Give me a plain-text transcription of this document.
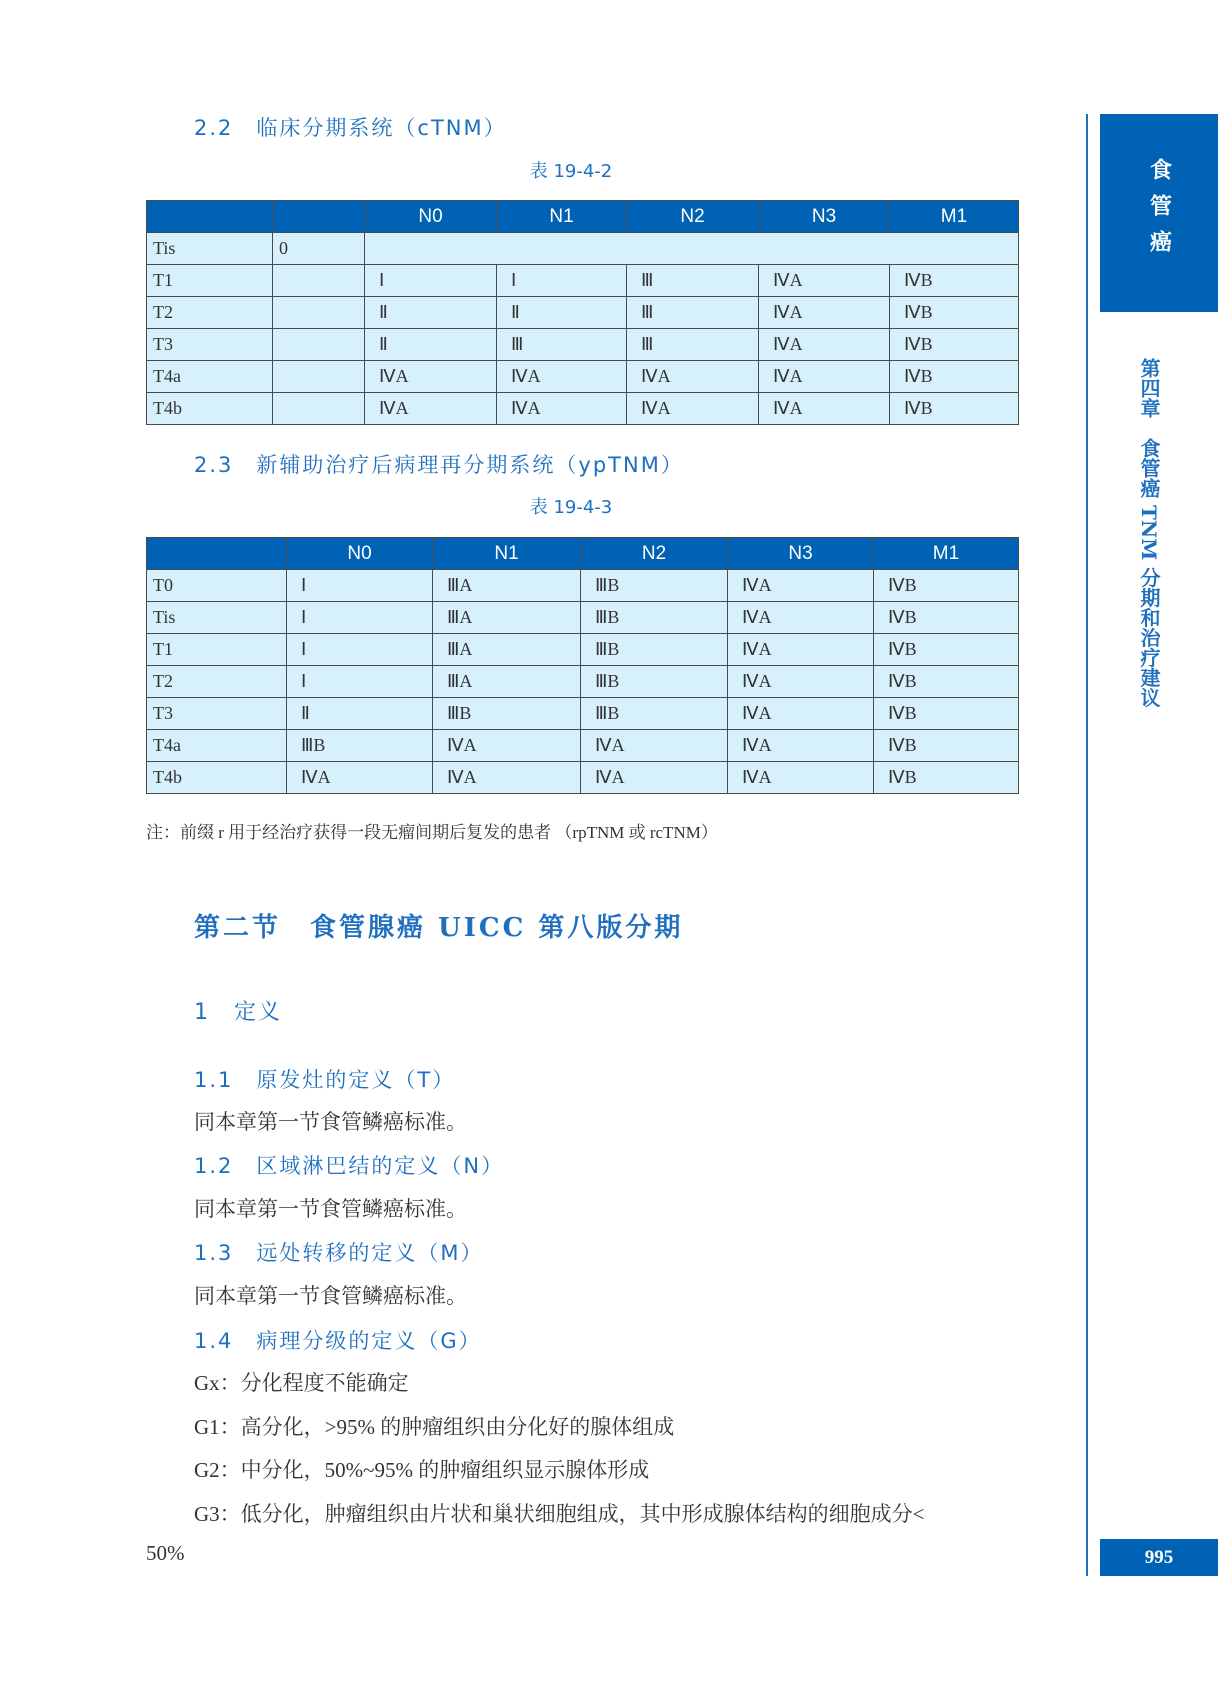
2.2　临床分期系统（cTNM）
表 19-4-2
		N0	N1	N2	N3	M1
Tis	0					
T1		Ⅰ	Ⅰ	Ⅲ	ⅣA	ⅣB
T2		Ⅱ	Ⅱ	Ⅲ	ⅣA	ⅣB
T3		Ⅱ	Ⅲ	Ⅲ	ⅣA	ⅣB
T4a		ⅣA	ⅣA	ⅣA	ⅣA	ⅣB
T4b		ⅣA	ⅣA	ⅣA	ⅣA	ⅣB
2.3　新辅助治疗后病理再分期系统（ypTNM）
表 19-4-3
	N0	N1	N2	N3	M1
T0	Ⅰ	ⅢA	ⅢB	ⅣA	ⅣB
Tis	Ⅰ	ⅢA	ⅢB	ⅣA	ⅣB
T1	Ⅰ	ⅢA	ⅢB	ⅣA	ⅣB
T2	Ⅰ	ⅢA	ⅢB	ⅣA	ⅣB
T3	Ⅱ	ⅢB	ⅢB	ⅣA	ⅣB
T4a	ⅢB	ⅣA	ⅣA	ⅣA	ⅣB
T4b	ⅣA	ⅣA	ⅣA	ⅣA	ⅣB
注：前缀 r 用于经治疗获得一段无瘤间期后复发的患者 （rpTNM 或 rcTNM）
第二节　食管腺癌 UICC 第八版分期
1　定义
1.1　原发灶的定义（T）
同本章第一节食管鳞癌标准。
1.2　区域淋巴结的定义（N）
同本章第一节食管鳞癌标准。
1.3　远处转移的定义（M）
同本章第一节食管鳞癌标准。
1.4　病理分级的定义（G）
Gx：分化程度不能确定
G1：高分化，>95% 的肿瘤组织由分化好的腺体组成
G2：中分化，50%~95% 的肿瘤组织显示腺体形成
G3：低分化，肿瘤组织由片状和巢状细胞组成，其中形成腺体结构的细胞成分<
50%
食管癌
第四章　食管癌 TNM 分期和治疗建议
995
